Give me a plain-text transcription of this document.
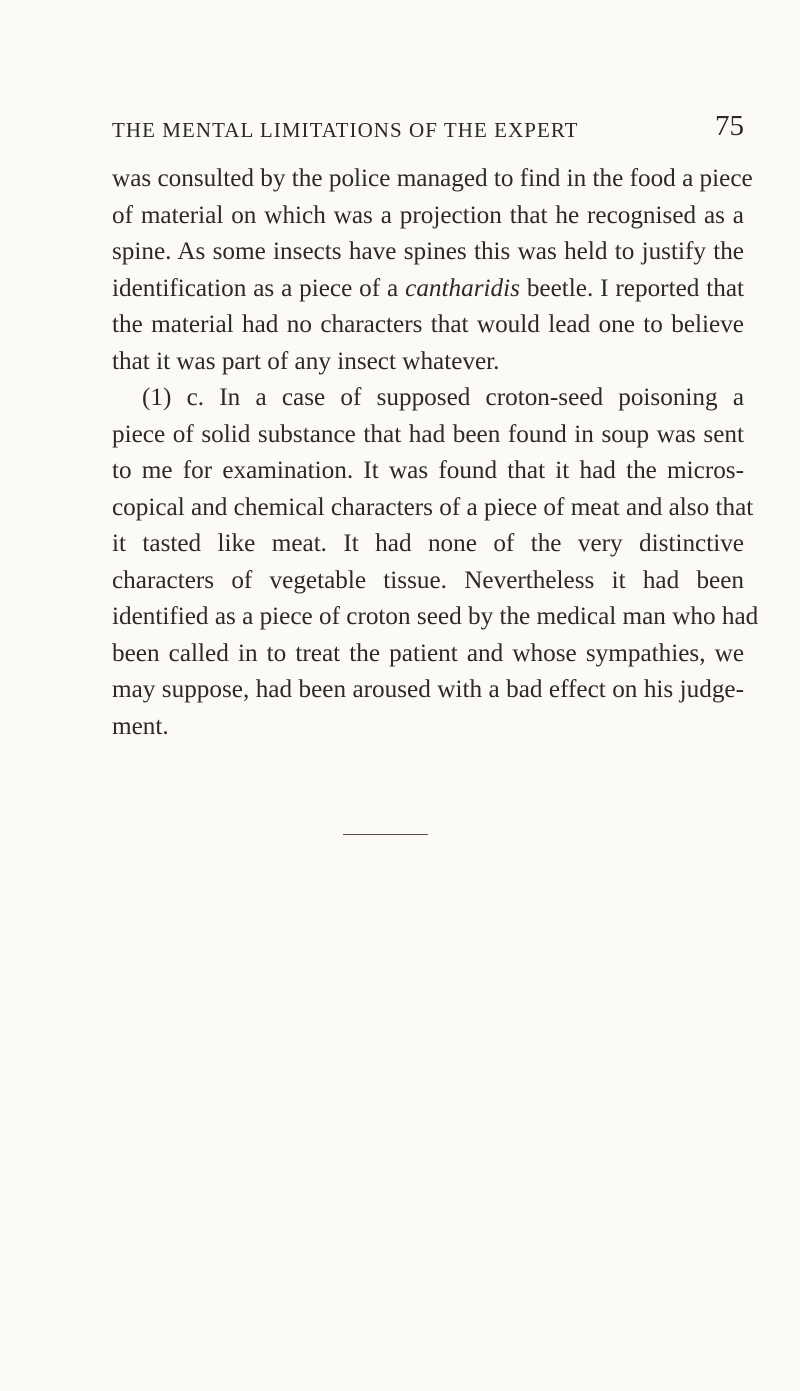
THE MENTAL LIMITATIONS OF THE EXPERT	75
was consulted by the police managed to find in the food a piece
of material on which was a projection that he recognised as a
spine. As some insects have spines this was held to justify the
identification as a piece of a cantharidis beetle. I reported that
the material had no characters that would lead one to believe
that it was part of any insect whatever.
(1) c. In a case of supposed croton-seed poisoning a
piece of solid substance that had been found in soup was sent
to me for examination. It was found that it had the micros-
copical and chemical characters of a piece of meat and also that
it tasted like meat. It had none of the very distinctive
characters of vegetable tissue. Nevertheless it had been
identified as a piece of croton seed by the medical man who had
been called in to treat the patient and whose sympathies, we
may suppose, had been aroused with a bad effect on his judge-
ment.
